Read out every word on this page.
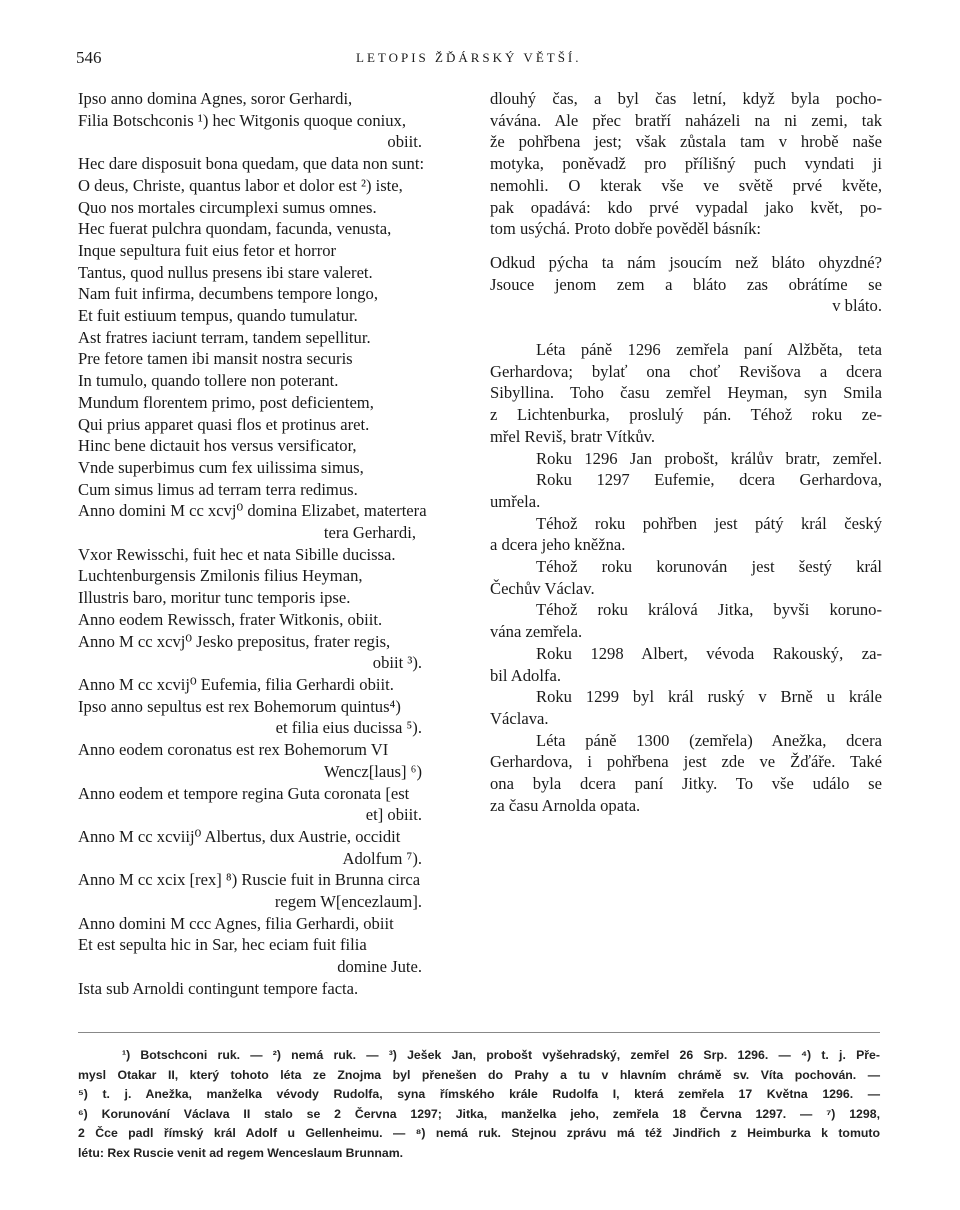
546	LETOPIS ŽĎÁRSKÝ VĚTŠÍ.
Ipso anno domina Agnes, soror Gerhardi,
Filia Botschconis ¹) hec Witgonis quoque coniux,
obiit.
Hec dare disposuit bona quedam, que data non sunt:
O deus, Christe, quantus labor et dolor est ²) iste,
Quo nos mortales circumplexi sumus omnes.
Hec fuerat pulchra quondam, facunda, venusta,
Inque sepultura fuit eius fetor et horror
Tantus, quod nullus presens ibi stare valeret.
Nam fuit infirma, decumbens tempore longo,
Et fuit estiuum tempus, quando tumulatur.
Ast fratres iaciunt terram, tandem sepellitur.
Pre fetore tamen ibi mansit nostra securis
In tumulo, quando tollere non poterant.
Mundum florentem primo, post deficientem,
Qui prius apparet quasi flos et protinus aret.
Hinc bene dictauit hos versus versificator,
Vnde superbimus cum fex uilissima simus,
Cum simus limus ad terram terra redimus.
Anno domini M cc xcvj⁰ domina Elizabet, matertera
tera Gerhardi,
Vxor Rewisschi, fuit hec et nata Sibille ducissa.
Luchtenburgensis Zmilonis filius Heyman,
Illustris baro, moritur tunc temporis ipse.
Anno eodem Rewissch, frater Witkonis, obiit.
Anno M cc xcvj⁰ Jesko prepositus, frater regis,
obiit ³).
Anno M cc xcvij⁰ Eufemia, filia Gerhardi obiit.
Ipso anno sepultus est rex Bohemorum quintus⁴)
et filia eius ducissa ⁵).
Anno eodem coronatus est rex Bohemorum VI
Wencz[laus] ⁶)
Anno eodem et tempore regina Guta coronata [est
et] obiit.
Anno M cc xcviij⁰ Albertus, dux Austrie, occidit
Adolfum ⁷).
Anno M cc xcix [rex] ⁸) Ruscie fuit in Brunna circa
regem W[encezlaum].
Anno domini M ccc Agnes, filia Gerhardi, obiit
Et est sepulta hic in Sar, hec eciam fuit filia
domine Jute.
Ista sub Arnoldi contingunt tempore facta.
dlouhý čas, a byl čas letní, když byla pocho-
vávána. Ale přec bratří naházeli na ni zemi, tak
že pohřbena jest; však zůstala tam v hrobě naše
motyka, poněvadž pro přílišný puch vyndati ji
nemohli. O kterak vše ve světě prvé květe,
pak opadává: kdo prvé vypadal jako květ, po-
tom usýchá. Proto dobře pověděl básník:
Odkud pýcha ta nám jsoucím než bláto ohyzdné?
Jsouce jenom zem a bláto zas obrátíme se
v bláto.
Léta páně 1296 zemřela paní Alžběta, teta
Gerhardova; bylať ona choť Revišova a dcera
Sibyllina. Toho času zemřel Heyman, syn Smila
z Lichtenburka, proslulý pán. Téhož roku ze-
mřel Reviš, bratr Vítkův.
Roku 1296 Jan probošt, králův bratr, zemřel.
Roku 1297 Eufemie, dcera Gerhardova,
umřela.
Téhož roku pohřben jest pátý král český
a dcera jeho kněžna.
Téhož roku korunován jest šestý král
Čechův Václav.
Téhož roku králová Jitka, byvši koruno-
vána zemřela.
Roku 1298 Albert, vévoda Rakouský, za-
bil Adolfa.
Roku 1299 byl král ruský v Brně u krále
Václava.
Léta páně 1300 (zemřela) Anežka, dcera
Gerhardova, i pohřbena jest zde ve Žďáře. Také
ona byla dcera paní Jitky. To vše událo se
za času Arnolda opata.
¹) Botschconi ruk. — ²) nemá ruk. — ³) Ješek Jan, probošt vyšehradský, zemřel 26 Srp. 1296. — ⁴) t. j. Pře-
mysl Otakar II, který tohoto léta ze Znojma byl přenešen do Prahy a tu v hlavním chrámě sv. Víta pochován. —
⁵) t. j. Anežka, manželka vévody Rudolfa, syna římského krále Rudolfa I, která zemřela 17 Května 1296. —
⁶) Korunování Václava II stalo se 2 Června 1297; Jitka, manželka jeho, zemřela 18 Června 1297. — ⁷) 1298,
2 Čce padl římský král Adolf u Gellenheimu. — ⁸) nemá ruk. Stejnou zprávu má též Jindřich z Heimburka k tomuto
létu: Rex Ruscie venit ad regem Wenceslaum Brunnam.
